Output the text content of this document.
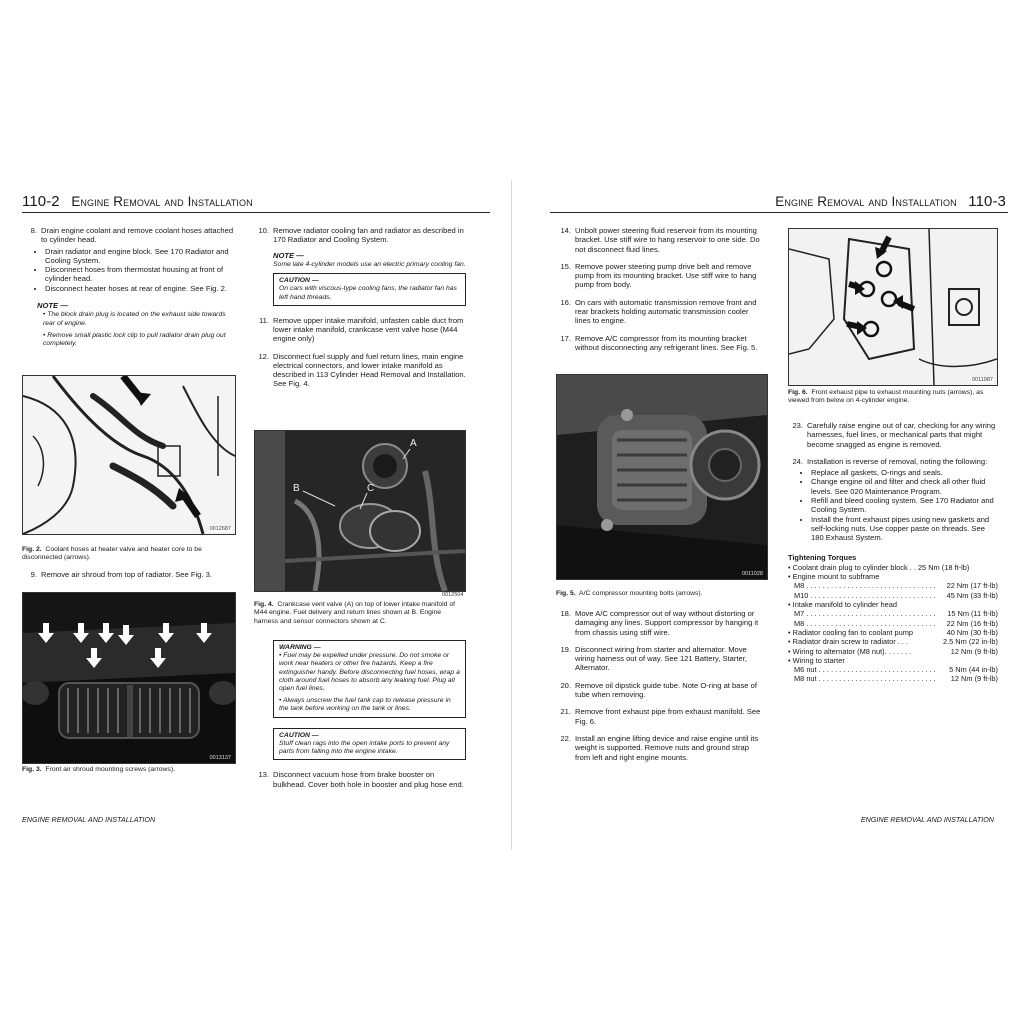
110-2 Engine Removal and Installation
8. Drain engine coolant and remove coolant hoses attached to cylinder head.
• Drain radiator and engine block. See 170 Radiator and Cooling System.
• Disconnect hoses from thermostat housing at front of cylinder head.
• Disconnect heater hoses at rear of engine. See Fig. 2.
NOTE —
• The block drain plug is located on the exhaust side towards rear of engine.
• Remove small plastic lock clip to pull radiator drain plug out completely.
0012687
Fig. 2. Coolant hoses at heater valve and heater core to be disconnected (arrows).
9. Remove air shroud from top of radiator. See Fig. 3.
0013137
Fig. 3. Front air shroud mounting screws (arrows).
10. Remove radiator cooling fan and radiator as described in 170 Radiator and Cooling System.
NOTE —
Some late 4-cylinder models use an electric primary cooling fan.
CAUTION —
On cars with viscous-type cooling fans, the radiator fan has left hand threads.
11. Remove upper intake manifold, unfasten cable duct from lower intake manifold, crankcase vent valve hose (M44 engine only)
12. Disconnect fuel supply and fuel return lines, main engine electrical connectors, and lower intake manifold as described in 113 Cylinder Head Removal and Installation. See Fig. 4.
A
B	C
0012504
Fig. 4. Crankcase vent valve (A) on top of lower intake manifold of M44 engine. Fuel delivery and return lines shown at B. Engine harness and sensor connectors shown at C.
WARNING —
• Fuel may be expelled under pressure. Do not smoke or work near heaters or other fire hazards. Keep a fire extinguisher handy. Before disconnecting fuel hoses, wrap a cloth around fuel hoses to absorb any leaking fuel. Plug all open fuel lines.
• Always unscrew the fuel tank cap to release pressure in the tank before working on the tank or lines.
CAUTION —
Stuff clean rags into the open intake ports to prevent any parts from falling into the engine intake.
13. Disconnect vacuum hose from brake booster on bulkhead. Cover both hole in booster and plug hose end.
ENGINE REMOVAL AND INSTALLATION
Engine Removal and Installation 110-3
14. Unbolt power steering fluid reservoir from its mounting bracket. Use stiff wire to hang reservoir to one side. Do not disconnect fluid lines.
15. Remove power steering pump drive belt and remove pump from its mounting bracket. Use stiff wire to hang pump from body.
16. On cars with automatic transmission remove front and rear brackets holding automatic transmission cooler lines to engine.
17. Remove A/C compressor from its mounting bracket without disconnecting any refrigerant lines. See Fig. 5.
0011028
Fig. 5. A/C compressor mounting bolts (arrows).
18. Move A/C compressor out of way without distorting or damaging any lines. Support compressor by hanging it from chassis using stiff wire.
19. Disconnect wiring from starter and alternator. Move wiring harness out of way. See 121 Battery, Starter, Alternator.
20. Remove oil dipstick guide tube. Note O-ring at base of tube when removing.
21. Remove front exhaust pipe from exhaust manifold. See Fig. 6.
22. Install an engine lifting device and raise engine until its weight is supported. Remove nuts and ground strap from left and right engine mounts.
0011987
Fig. 6. Front exhaust pipe to exhaust mounting nuts (arrows), as viewed from below on 4-cylinder engine.
23. Carefully raise engine out of car, checking for any wiring harnesses, fuel lines, or mechanical parts that might become snagged as engine is removed.
24. Installation is reverse of removal, noting the following:
• Replace all gaskets, O-rings and seals.
• Change engine oil and filter and check all other fluid levels. See 020 Maintenance Program.
• Refill and bleed cooling system. See 170 Radiator and Cooling System.
• Install the front exhaust pipes using new gaskets and self-locking nuts. Use copper paste on threads. See 180 Exhaust System.
Tightening Torques
• Coolant drain plug to cylinder block . . 25 Nm (18 ft-lb)
• Engine mount to subframe
M8 . . . . . . . . . . . . . . . . . . . . . . . . . . . . . . . .	22 Nm (17 ft-lb)
M10 . . . . . . . . . . . . . . . . . . . . . . . . . . . . . . .	45 Nm (33 ft-lb)
• Intake manifold to cylinder head
M7 . . . . . . . . . . . . . . . . . . . . . . . . . . . . . . . .	15 Nm (11 ft-lb)
M8 . . . . . . . . . . . . . . . . . . . . . . . . . . . . . . . .	22 Nm (16 ft-lb)
• Radiator cooling fan to coolant pump	40 Nm (30 ft-lb)
• Radiator drain screw to radiator . . .	2.5 Nm (22 in-lb)
• Wiring to alternator (M8 nut). . . . . . .	12 Nm (9 ft-lb)
• Wiring to starter
M6 nut . . . . . . . . . . . . . . . . . . . . . . . . . . . . .	5 Nm (44 in-lb)
M8 nut . . . . . . . . . . . . . . . . . . . . . . . . . . . . .	12 Nm (9 ft-lb)
ENGINE REMOVAL AND INSTALLATION
